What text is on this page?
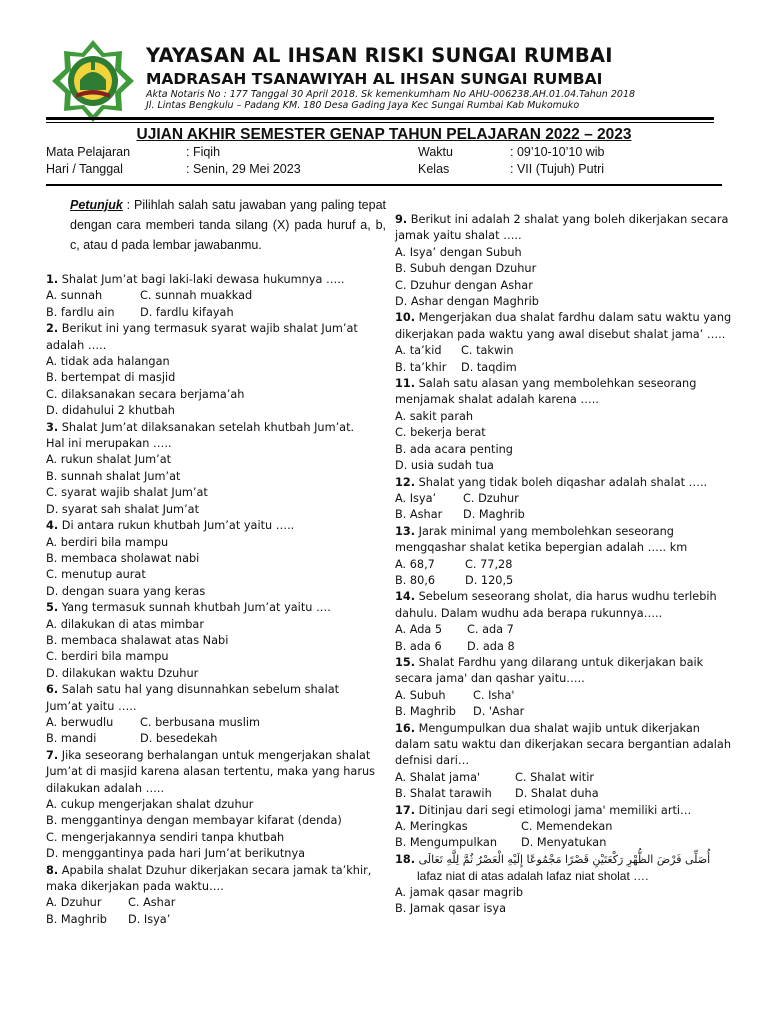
YAYASAN AL IHSAN RISKI SUNGAI RUMBAI
MADRASAH TSANAWIYAH AL IHSAN SUNGAI RUMBAI
Akta Notaris No : 177 Tanggal 30 April 2018. Sk kemenkumham No AHU-006238.AH.01.04.Tahun 2018
Jl. Lintas Bengkulu – Padang KM. 180 Desa Gading Jaya Kec Sungai Rumbai Kab Mukomuko
UJIAN AKHIR SEMESTER GENAP TAHUN PELAJARAN 2022 – 2023
Mata Pelajaran	: Fiqih
Hari / Tanggal	: Senin, 29 Mei 2023
Waktu	: 09’10-10’10 wib
Kelas	: VII (Tujuh) Putri
Petunjuk : Pilihlah salah satu jawaban yang paling tepat dengan cara memberi tanda silang (X) pada huruf a, b, c, atau d pada lembar jawabanmu.
1. Shalat Jum’at bagi laki-laki dewasa hukumnya …..
A. sunnah	C. sunnah muakkad
B. fardlu ain	D. fardlu kifayah
2. Berikut ini yang termasuk syarat wajib shalat Jum’at adalah …..
A. tidak ada halangan
B. bertempat di masjid
C. dilaksanakan secara berjama’ah
D. didahului 2 khutbah
3. Shalat Jum’at dilaksanakan setelah khutbah Jum’at. Hal ini merupakan …..
A. rukun shalat Jum’at
B. sunnah shalat Jum’at
C. syarat wajib shalat Jum’at
D. syarat sah shalat Jum’at
4. Di antara rukun khutbah Jum’at yaitu …..
A. berdiri bila mampu
B. membaca sholawat nabi
C. menutup aurat
D. dengan suara yang keras
5. Yang termasuk sunnah khutbah Jum’at yaitu ….
A. dilakukan di atas mimbar
B. membaca shalawat atas Nabi
C. berdiri bila mampu
D. dilakukan waktu Dzuhur
6. Salah satu hal yang disunnahkan sebelum shalat Jum’at yaitu …..
A. berwudlu	C. berbusana muslim
B. mandi	D. besedekah
7. Jika seseorang berhalangan untuk mengerjakan shalat Jum’at di masjid karena alasan tertentu, maka yang harus dilakukan adalah …..
A. cukup mengerjakan shalat dzuhur
B. menggantinya dengan membayar kifarat (denda)
C. mengerjakannya sendiri tanpa khutbah
D. menggantinya pada hari Jum’at berikutnya
8. Apabila shalat Dzuhur dikerjakan secara jamak ta’khir, maka dikerjakan pada waktu….
A. Dzuhur	C. Ashar
B. Maghrib	D. Isya’
9. Berikut ini adalah 2 shalat yang boleh dikerjakan secara jamak yaitu shalat …..
A. Isya’ dengan Subuh
B. Subuh dengan Dzuhur
C. Dzuhur dengan Ashar
D. Ashar dengan Maghrib
10. Mengerjakan dua shalat fardhu dalam satu waktu yang dikerjakan pada waktu yang awal disebut shalat jama’ …..
A. ta’kid	C. takwin
B. ta’khir	D. taqdim
11. Salah satu alasan yang membolehkan seseorang menjamak shalat adalah karena …..
A. sakit parah
C. bekerja berat
B. ada acara penting
D. usia sudah tua
12. Shalat yang tidak boleh diqashar adalah shalat …..
A. Isya’	C. Dzuhur
B. Ashar	D. Maghrib
13. Jarak minimal yang membolehkan seseorang mengqashar shalat ketika bepergian adalah ….. km
A. 68,7	C. 77,28
B. 80,6	D. 120,5
14. Sebelum seseorang sholat, dia harus wudhu terlebih dahulu. Dalam wudhu ada berapa rukunnya…..
A. Ada 5	C. ada 7
B. ada 6	D. ada 8
15. Shalat Fardhu yang dilarang untuk dikerjakan baik secara jama' dan qashar yaitu…..
A. Subuh	C. Isha'
B. Maghrib	D. 'Ashar
16. Mengumpulkan dua shalat wajib untuk dikerjakan dalam satu waktu dan dikerjakan secara bergantian adalah defnisi dari…
A. Shalat jama'	C. Shalat witir
B. Shalat tarawih	D. Shalat duha
17. Ditinjau dari segi etimologi jama' memiliki arti…
A. Meringkas	C. Memendekan
B. Mengumpulkan	D. Menyatukan
18. أُصَلِّى فَرْضَ الظُّهْرِ رَكْعَتَيْنِ قَصْرًا مَجْمُوعًا إِلَيْهِ الْعَصْرُ ثُمَّ لِلَّهِ تَعَالَى
lafaz niat di atas adalah lafaz niat sholat ….
A. jamak qasar magrib
B. Jamak qasar isya
